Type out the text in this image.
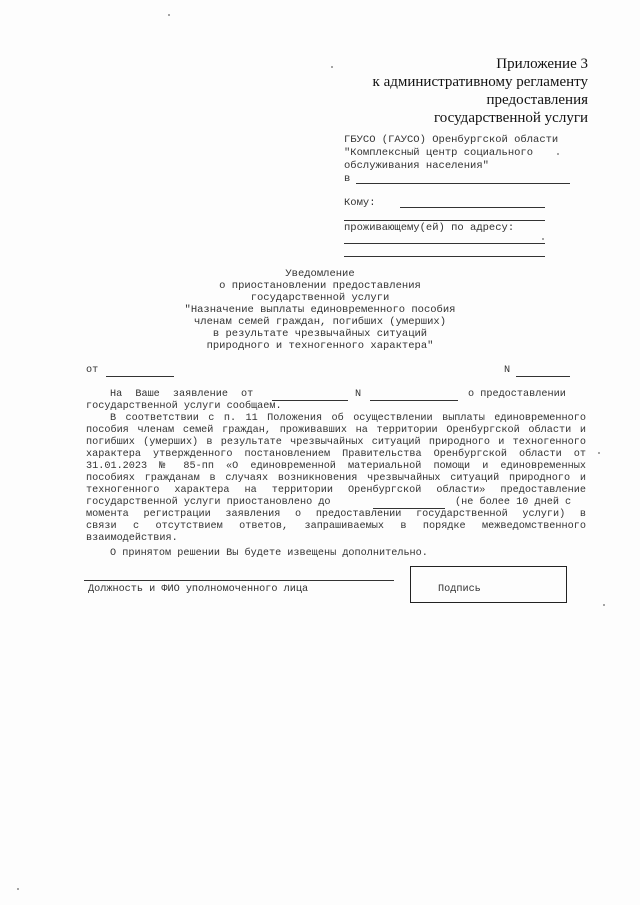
Приложение 3
к административному регламенту
предоставления
государственной услуги
ГБУСО (ГАУСО) Оренбургской области
"Комплексный центр социального
обслуживания населения"
в
Кому:
проживающему(ей) по адресу:
Уведомление
о приостановлении предоставления
государственной услуги
"Назначение выплаты единовременного пособия
членам семей граждан, погибших (умерших)
в результате чрезвычайных ситуаций
природного и техногенного характера"
от	N
На Ваше заявление от	N	о предоставлении
государственной услуги сообщаем.
В соответствии с п. 11 Положения об осуществлении выплаты единовременного
пособия членам семей граждан, проживавших на территории Оренбургской области и
погибших (умерших) в результате чрезвычайных ситуаций природного и техногенного
характера утвержденного постановлением Правительства Оренбургской области от
31.01.2023 № 85-пп «О единовременной материальной помощи и единовременных
пособиях гражданам в случаях возникновения чрезвычайных ситуаций природного и
техногенного характера на территории Оренбургской области» предоставление
государственной услуги приостановлено до	(не более 10 дней с
момента регистрации заявления о предоставлении государственной услуги) в
связи с отсутствием ответов, запрашиваемых в порядке межведомственного
взаимодействия.
О принятом решении Вы будете извещены дополнительно.
Должность и ФИО уполномоченного лица	Подпись
